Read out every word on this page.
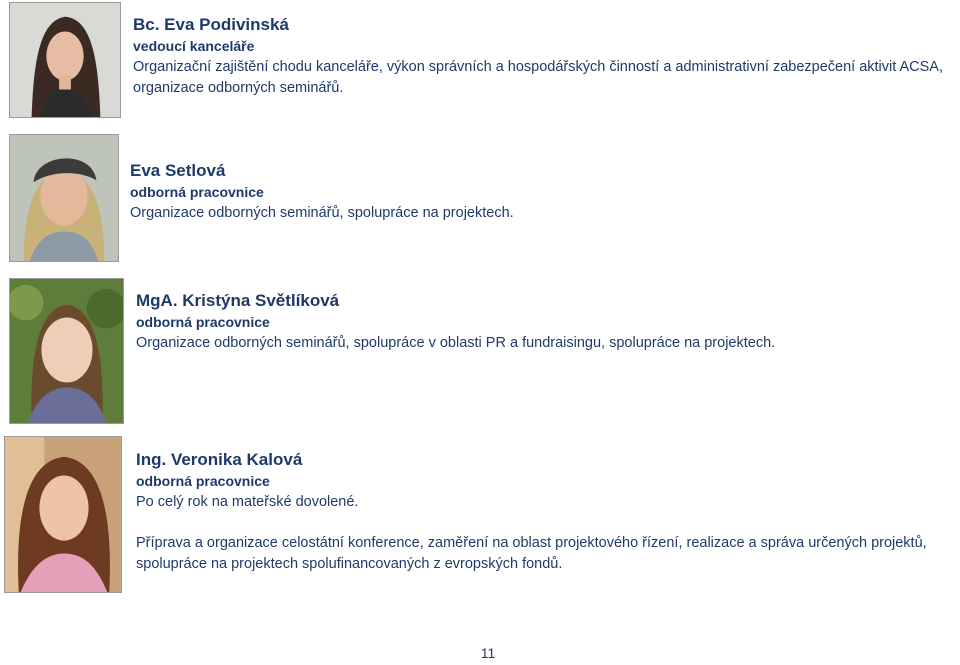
Bc. Eva Podivinská
vedoucí kanceláře
Organizační zajištění chodu kanceláře, výkon správních a hospodářských činností a administrativní zabezpečení aktivit ACSA, organizace odborných seminářů.
Eva Setlová
odborná pracovnice
Organizace odborných seminářů, spolupráce na projektech.
MgA. Kristýna Světlíková
odborná pracovnice
Organizace odborných seminářů, spolupráce v oblasti PR a fundraisingu, spolupráce na projektech.
Ing. Veronika Kalová
odborná pracovnice
Po celý rok na mateřské dovolené.
Příprava a organizace celostátní konference, zaměření na oblast projektového řízení, realizace a správa určených projektů, spolupráce na projektech spolufinancovaných z evropských fondů.
11
